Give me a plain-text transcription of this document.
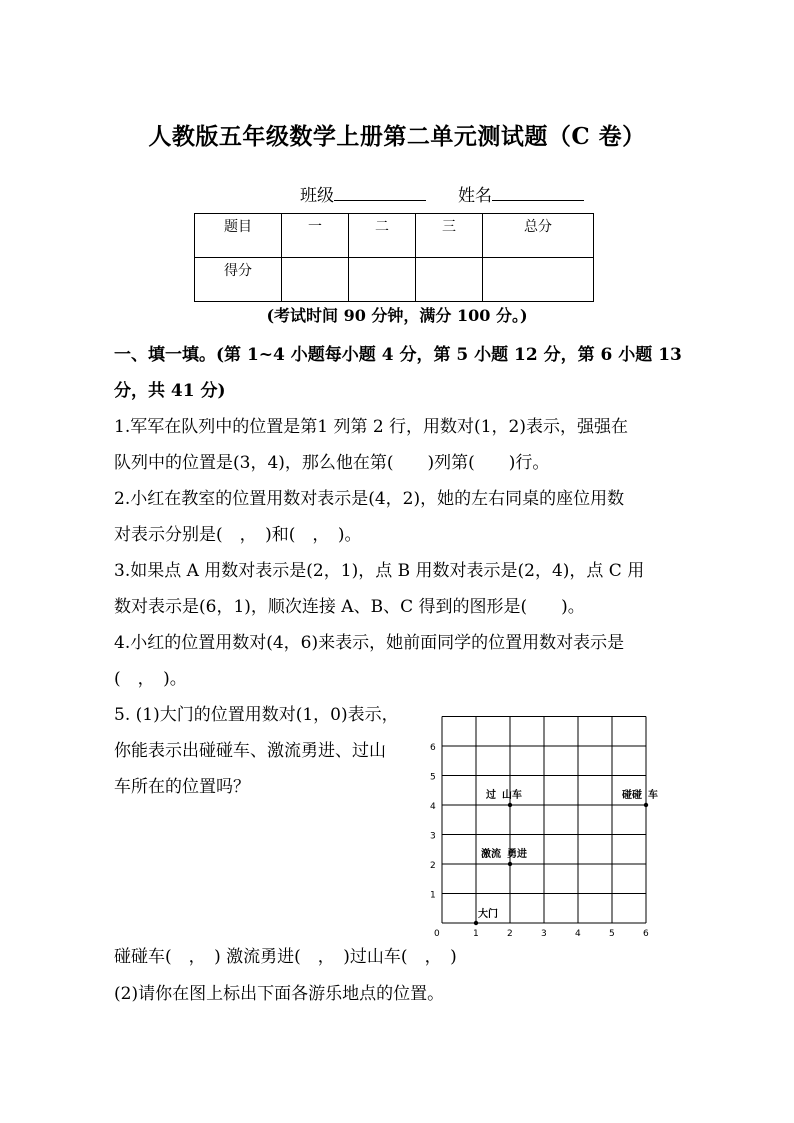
人教版五年级数学上册第二单元测试题（C 卷）
班级	姓名
题目	一	二	三	总分
得分				
(考试时间 90 分钟，满分 100 分。)
一、填一填。(第 1~4 小题每小题 4 分，第 5 小题 12 分，第 6 小题 13
分，共 41 分)
1.军军在队列中的位置是第1 列第 2 行，用数对(1，2)表示，强强在
队列中的位置是(3，4)，那么他在第(　　)列第(　　)行。
2.小红在教室的位置用数对表示是(4，2)，她的左右同桌的座位用数
对表示分别是(　，　)和(　，　)。
3.如果点 A 用数对表示是(2，1)，点 B 用数对表示是(2，4)，点 C 用
数对表示是(6，1)，顺次连接 A、B、C 得到的图形是(　　)。
4.小红的位置用数对(4，6)来表示，她前面同学的位置用数对表示是
(　，　)。
5. (1)大门的位置用数对(1，0)表示，
你能表示出碰碰车、激流勇进、过山
车所在的位置吗？
0	1	2	3	4	5	6
1
2
3
4
5
6
大门
激流 勇进
过 山车	碰碰 车
碰碰车(　，　) 激流勇进(　，　)过山车(　，　)
(2)请你在图上标出下面各游乐地点的位置。
